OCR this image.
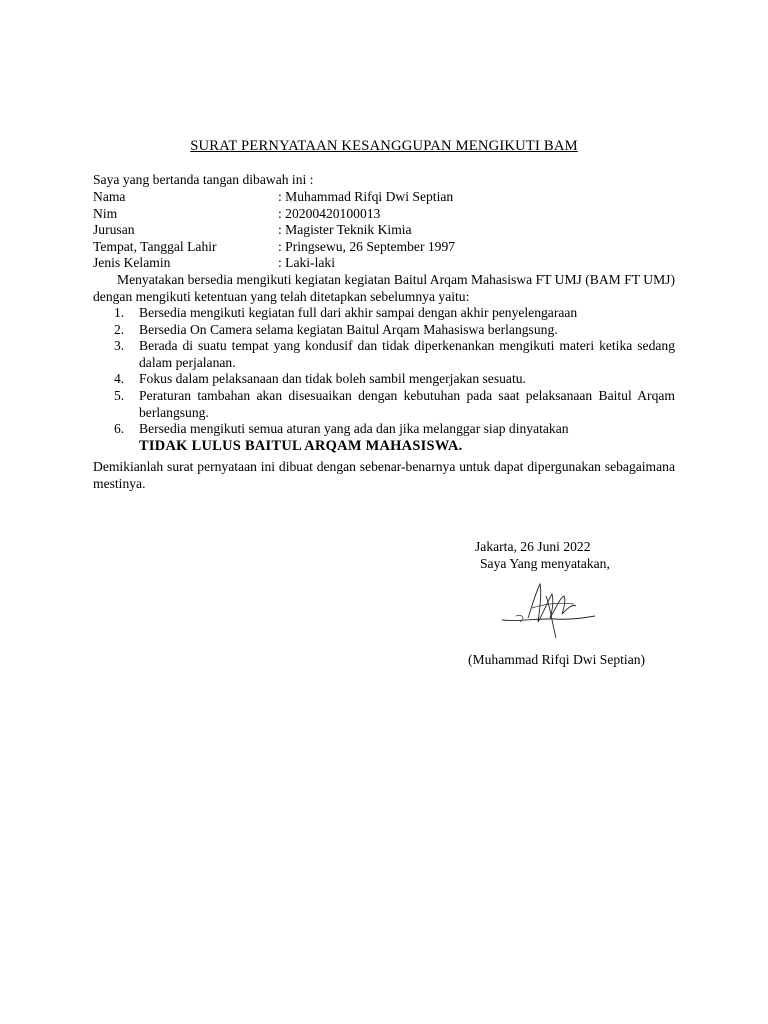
SURAT PERNYATAAN KESANGGUPAN MENGIKUTI BAM
Saya yang bertanda tangan dibawah ini :
Nama	: Muhammad Rifqi Dwi Septian
Nim	: 20200420100013
Jurusan	: Magister Teknik Kimia
Tempat, Tanggal Lahir	: Pringsewu, 26 September 1997
Jenis Kelamin	: Laki-laki
Menyatakan bersedia mengikuti kegiatan kegiatan Baitul Arqam Mahasiswa FT UMJ (BAM FT UMJ) dengan mengikuti ketentuan yang telah ditetapkan sebelumnya yaitu:
1. Bersedia mengikuti kegiatan full dari akhir sampai dengan akhir penyelengaraan
2. Bersedia On Camera selama kegiatan Baitul Arqam Mahasiswa berlangsung.
3. Berada di suatu tempat yang kondusif dan tidak diperkenankan mengikuti materi ketika sedang dalam perjalanan.
4. Fokus dalam pelaksanaan dan tidak boleh sambil mengerjakan sesuatu.
5. Peraturan tambahan akan disesuaikan dengan kebutuhan pada saat pelaksanaan Baitul Arqam berlangsung.
6. Bersedia mengikuti semua aturan yang ada dan jika melanggar siap dinyatakan
TIDAK LULUS BAITUL ARQAM MAHASISWA.
Demikianlah surat pernyataan ini dibuat dengan sebenar-benarnya untuk dapat dipergunakan sebagaimana mestinya.
Jakarta, 26 Juni 2022
Saya Yang menyatakan,
(Muhammad Rifqi Dwi Septian)
